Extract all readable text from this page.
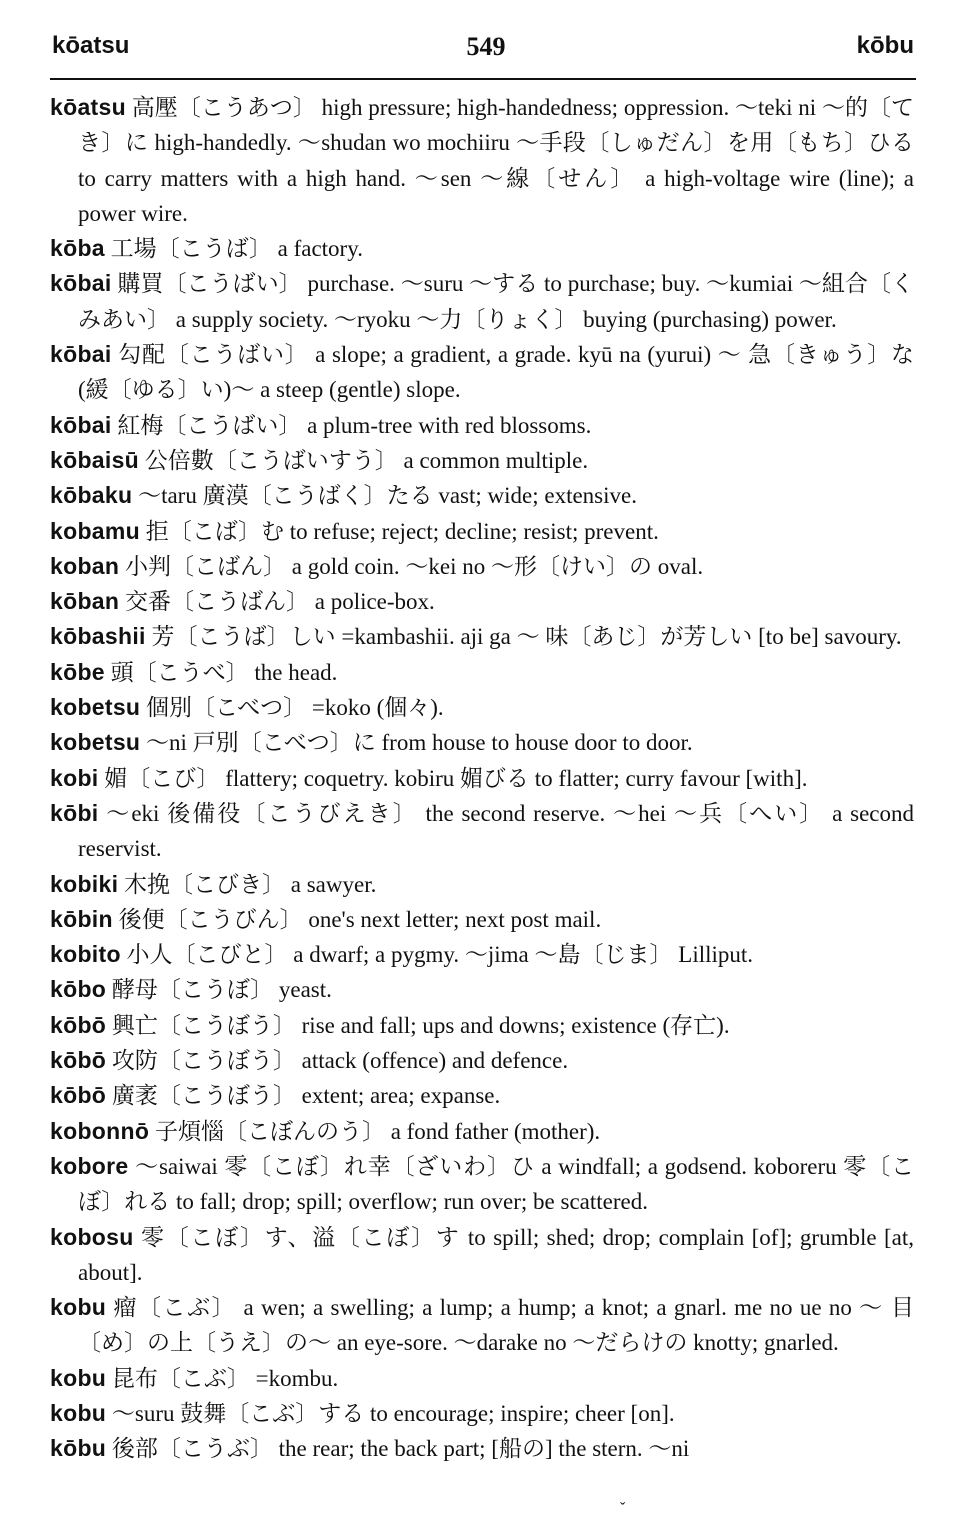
kōatsu	549	kōbu
kōatsu 高壓〔こうあつ〕 high pressure; high-handedness; oppression. ～teki ni ～的〔てき〕に high-handedly. ～shudan wo mochiiru ～手段〔しゅだん〕を用〔もち〕ひる to carry matters with a high hand. ～sen ～線〔せん〕 a high-voltage wire (line); a power wire.
kōba 工場〔こうば〕 a factory.
kōbai 購買〔こうばい〕 purchase. ～suru ～する to purchase; buy. ～kumiai ～組合〔くみあい〕 a supply society. ～ryoku ～力〔りょく〕 buying (purchasing) power.
kōbai 勾配〔こうばい〕 a slope; a gradient, a grade. kyū na (yurui) ～ 急〔きゅう〕な(緩〔ゆる〕い)～ a steep (gentle) slope.
kōbai 紅梅〔こうばい〕 a plum-tree with red blossoms.
kōbaisū 公倍數〔こうばいすう〕 a common multiple.
kōbaku ～taru 廣漠〔こうばく〕たる vast; wide; extensive.
kobamu 拒〔こば〕む to refuse; reject; decline; resist; prevent.
koban 小判〔こばん〕 a gold coin. ～kei no ～形〔けい〕の oval.
kōban 交番〔こうばん〕 a police-box.
kōbashii 芳〔こうば〕しい =kambashii. aji ga ～ 味〔あじ〕が芳しい [to be] savoury.
kōbe 頭〔こうべ〕 the head.
kobetsu 個別〔こべつ〕 =koko (個々).
kobetsu ～ni 戸別〔こべつ〕に from house to house door to door.
kobi 媚〔こび〕 flattery; coquetry. kobiru 媚びる to flatter; curry favour [with].
kōbi ～eki 後備役〔こうびえき〕 the second reserve. ～hei ～兵〔へい〕 a second reservist.
kobiki 木挽〔こびき〕 a sawyer.
kōbin 後便〔こうびん〕 one's next letter; next post mail.
kobito 小人〔こびと〕 a dwarf; a pygmy. ～jima ～島〔じま〕 Lilliput.
kōbo 酵母〔こうぼ〕 yeast.
kōbō 興亡〔こうぼう〕 rise and fall; ups and downs; existence (存亡).
kōbō 攻防〔こうぼう〕 attack (offence) and defence.
kōbō 廣袤〔こうぼう〕 extent; area; expanse.
kobonnō 子煩惱〔こぼんのう〕 a fond father (mother).
kobore ～saiwai 零〔こぼ〕れ幸〔ざいわ〕ひ a windfall; a godsend. koboreru 零〔こぼ〕れる to fall; drop; spill; overflow; run over; be scattered.
kobosu 零〔こぼ〕す、溢〔こぼ〕す to spill; shed; drop; complain [of]; grumble [at, about].
kobu 瘤〔こぶ〕 a wen; a swelling; a lump; a hump; a knot; a gnarl. me no ue no ～ 目〔め〕の上〔うえ〕の～ an eye-sore. ～darake no ～だらけの knotty; gnarled.
kobu 昆布〔こぶ〕 =kombu.
kobu ～suru 鼓舞〔こぶ〕する to encourage; inspire; cheer [on].
kōbu 後部〔こうぶ〕 the rear; the back part; [船の] the stern. ～ni
ˇ
